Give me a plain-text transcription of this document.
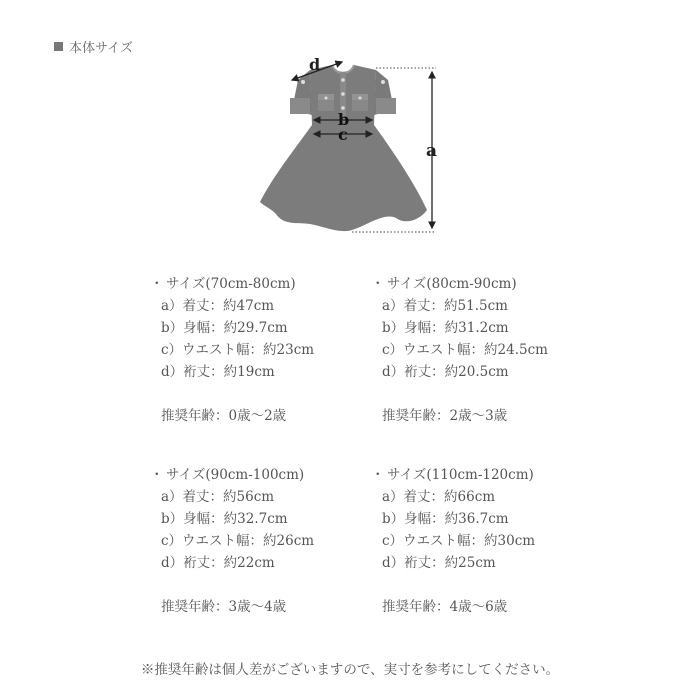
本体サイズ
a
d
b
c
・ サイズ(70cm-80cm)
a）着丈：約47cm
b）身幅：約29.7cm
c）ウエスト幅：約23cm
d）裄丈：約19cm
推奨年齢：0歳～2歳
・ サイズ(80cm-90cm)
a）着丈：約51.5cm
b）身幅：約31.2cm
c）ウエスト幅：約24.5cm
d）裄丈：約20.5cm
推奨年齢：2歳～3歳
・ サイズ(90cm-100cm)
a）着丈：約56cm
b）身幅：約32.7cm
c）ウエスト幅：約26cm
d）裄丈：約22cm
推奨年齢：3歳～4歳
・ サイズ(110cm-120cm)
a）着丈：約66cm
b）身幅：約36.7cm
c）ウエスト幅：約30cm
d）裄丈：約25cm
推奨年齢：4歳～6歳
※推奨年齢は個人差がございますので、実寸を参考にしてください。
